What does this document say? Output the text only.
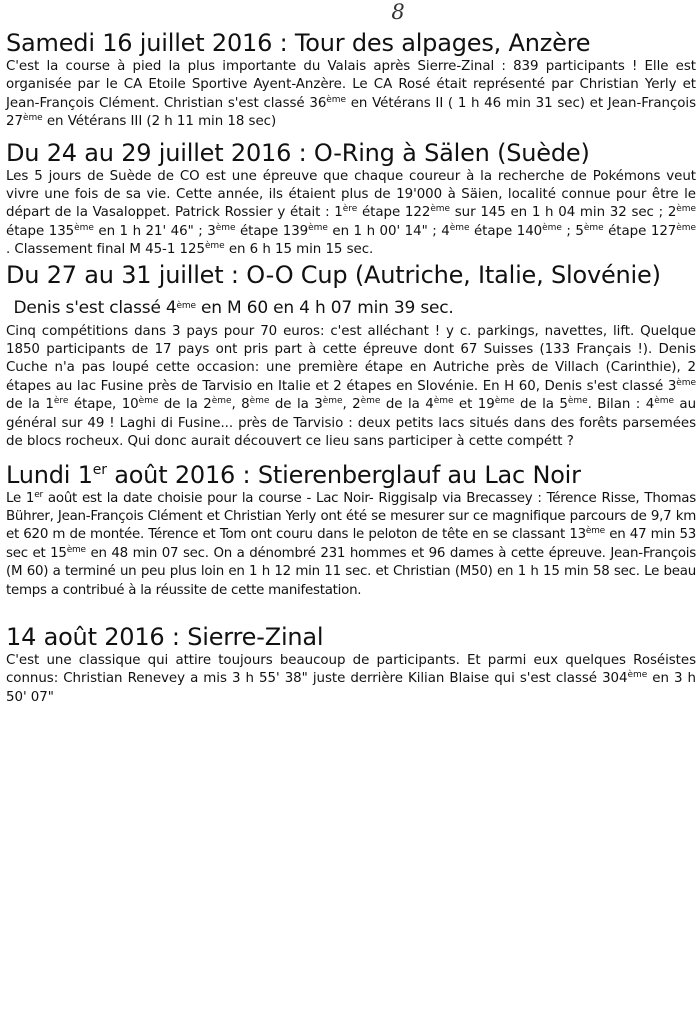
8
Samedi 16 juillet 2016 : Tour des alpages, Anzère

C'est la course à pied la plus importante du Valais après Sierre-Zinal : 839 participants ! Elle est organisée par le CA Etoile Sportive Ayent-Anzère. Le CA Rosé était représenté par Christian Yerly et Jean-François Clément. Christian s'est classé 36ème en Vétérans II ( 1 h 46 min 31 sec) et Jean-François 27ème en Vétérans III (2 h 11 min 18 sec)

Du 24 au 29 juillet 2016 : O-Ring à Sälen (Suède)

Les 5 jours de Suède de CO est une épreuve que chaque coureur à la recherche de Pokémons veut vivre une fois de sa vie. Cette année, ils étaient plus de 19'000 à Säien, localité connue pour être le départ de la Vasaloppet. Patrick Rossier y était : 1ère étape 122ème sur 145 en 1 h 04 min 32 sec ; 2ème étape 135ème en 1 h 21' 46" ; 3ème étape 139ème en 1 h 00' 14" ; 4ème étape 140ème ; 5ème étape 127ème . Classement final M 45-1 125ème en 6 h 15 min 15 sec.

Du 27 au 31 juillet : O-O Cup (Autriche, Italie, Slovénie)  Denis s'est classé 4ème en M 60 en 4 h 07 min 39 sec.

Cinq compétitions dans 3 pays pour 70 euros: c'est alléchant ! y c. parkings, navettes, lift. Quelque 1850 participants de 17 pays ont pris part à cette épreuve dont 67 Suisses (133 Français !). Denis Cuche n'a pas loupé cette occasion: une première étape en Autriche près de Villach (Carinthie), 2 étapes au lac Fusine près de Tarvisio en Italie et 2 étapes en Slovénie. En H 60, Denis s'est classé 3ème de la 1ère étape, 10ème de la 2ème, 8ème de la 3ème, 2ème de la 4ème et 19ème de la 5ème. Bilan : 4ème au général sur 49 ! Laghi di Fusine... près de Tarvisio : deux petits lacs situés dans des forêts parsemées de blocs rocheux. Qui donc aurait découvert ce lieu sans participer à cette compétt ?

Lundi 1er août 2016 : Stierenberglauf au Lac Noir

Le 1er août est la date choisie pour la course - Lac Noir- Riggisalp via Brecassey : Térence Risse, Thomas Bührer, Jean-François Clément et Christian Yerly ont été se mesurer sur ce magnifique parcours de 9,7 km et 620 m de montée. Térence et Tom ont couru dans le peloton de tête en se classant 13ème en 47 min 53 sec et 15ème en 48 min 07 sec. On a dénombré 231 hommes et 96 dames à cette épreuve. Jean-François (M 60) a terminé un peu plus loin en 1 h 12 min 11 sec. et Christian (M50) en 1 h 15 min 58 sec. Le beau temps a contribué à la réussite de cette manifestation.

14 août 2016 : Sierre-Zinal

C'est une classique qui attire toujours beaucoup de participants. Et parmi eux quelques Roséistes connus: Christian Renevey a mis 3 h 55' 38" juste derrière Kilian Blaise qui s'est classé 304ème en 3 h 50' 07"
